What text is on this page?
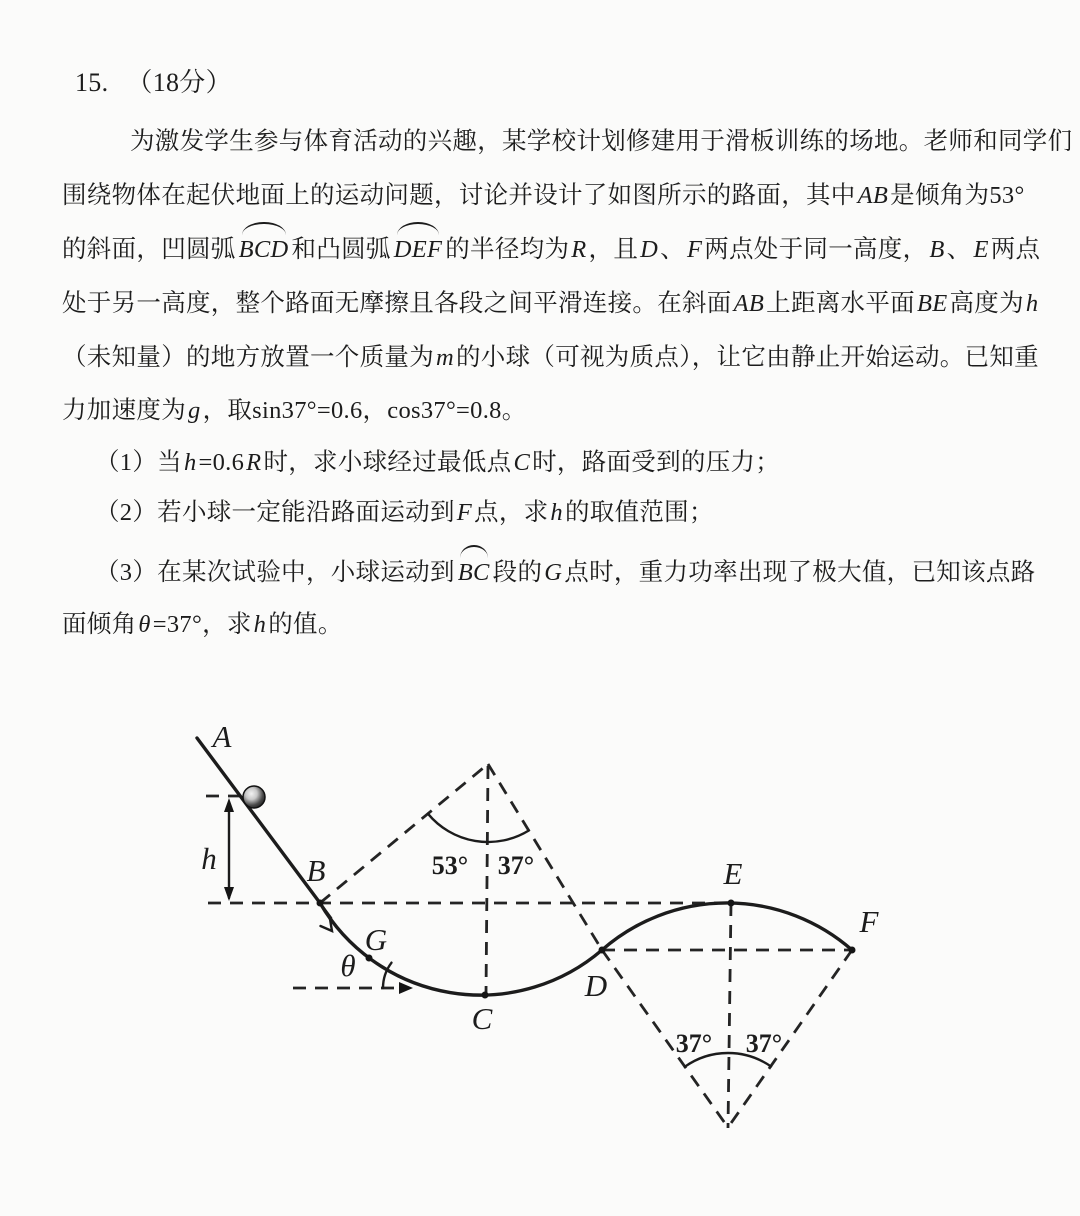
15. （18分）
为激发学生参与体育活动的兴趣，某学校计划修建用于滑板训练的场地。老师和同学们
围绕物体在起伏地面上的运动问题，讨论并设计了如图所示的路面，其中AB是倾角为53°
的斜面，凹圆弧 BCD 和凸圆弧 DEF 的半径均为R，且D、F两点处于同一高度，B、E两点
处于另一高度，整个路面无摩擦且各段之间平滑连接。在斜面AB上距离水平面BE高度为h
（未知量）的地方放置一个质量为m的小球（可视为质点），让它由静止开始运动。已知重
力加速度为g，取sin37°=0.6，cos37°=0.8。
（1）当h=0.6R时，求小球经过最低点C时，路面受到的压力；
（2）若小球一定能沿路面运动到F点，求h的取值范围；
（3）在某次试验中，小球运动到 BC 段的G点时，重力功率出现了极大值，已知该点路
面倾角θ=37°，求h的值。
A
B
C
D
E
F
G
h
θ
53° 37°
37° 37°
